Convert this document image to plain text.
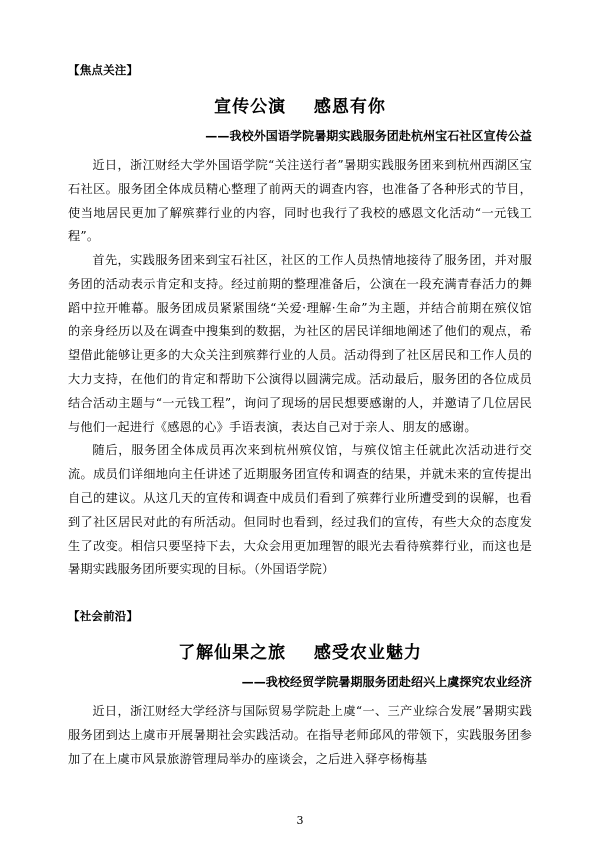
【焦点关注】
宣传公演    感恩有你
——我校外国语学院暑期实践服务团赴杭州宝石社区宣传公益

近日，浙江财经大学外国语学院“关注送行者”暑期实践服务团来到杭州西湖区宝石社区。服务团全体成员精心整理了前两天的调查内容，也准备了各种形式的节目，使当地居民更加了解殡葬行业的内容，同时也我行了我校的感恩文化活动“一元钱工程”。

首先，实践服务团来到宝石社区，社区的工作人员热情地接待了服务团，并对服务团的活动表示肯定和支持。经过前期的整理准备后，公演在一段充满青春活力的舞蹈中拉开帷幕。服务团成员紧紧围绕“关爱·理解·生命”为主题，并结合前期在殡仪馆的亲身经历以及在调查中搜集到的数据，为社区的居民详细地阐述了他们的观点，希望借此能够让更多的大众关注到殡葬行业的人员。活动得到了社区居民和工作人员的大力支持，在他们的肯定和帮助下公演得以圆满完成。活动最后，服务团的各位成员结合活动主题与“一元钱工程”，询问了现场的居民想要感谢的人，并邀请了几位居民与他们一起进行《感恩的心》手语表演，表达自己对于亲人、朋友的感谢。

随后，服务团全体成员再次来到杭州殡仪馆，与殡仪馆主任就此次活动进行交流。成员们详细地向主任讲述了近期服务团宣传和调查的结果，并就未来的宣传提出自己的建议。从这几天的宣传和调查中成员们看到了殡葬行业所遭受到的误解，也看到了社区居民对此的有所活动。但同时也看到，经过我们的宣传，有些大众的态度发生了改变。相信只要坚持下去，大众会用更加理智的眼光去看待殡葬行业，而这也是暑期实践服务团所要实现的目标。（外国语学院）

【社会前沿】
了解仙果之旅    感受农业魅力
——我校经贸学院暑期服务团赴绍兴上虞探究农业经济

近日，浙江财经大学经济与国际贸易学院赴上虞“一、三产业综合发展”暑期实践服务团到达上虞市开展暑期社会实践活动。在指导老师邱风的带领下，实践服务团参加了在上虞市风景旅游管理局举办的座谈会，之后进入驿亭杨梅基

3
